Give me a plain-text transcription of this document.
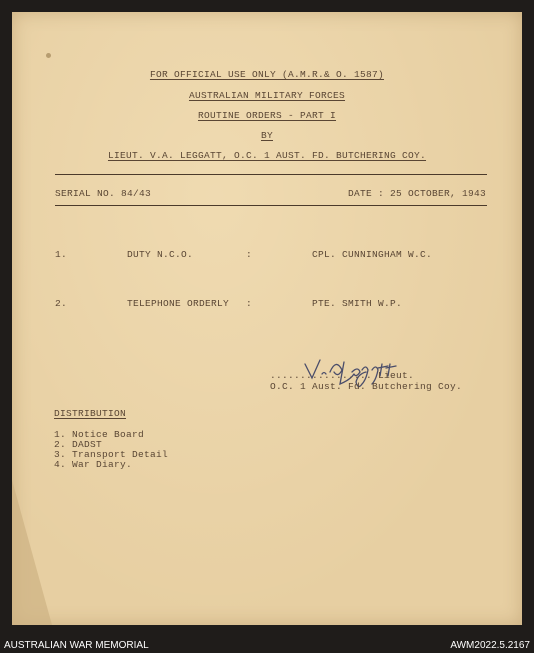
FOR OFFICIAL USE ONLY (A.M.R.& O. 1587)
AUSTRALIAN MILITARY FORCES
ROUTINE ORDERS - PART I
BY
LIEUT. V.A. LEGGATT, O.C. 1 AUST. FD. BUTCHERING COY.
SERIAL NO. 84/43	DATE : 25 OCTOBER, 1943
1.	DUTY N.C.O.	:	CPL. CUNNINGHAM W.C.
2.	TELEPHONE ORDERLY :	PTE. SMITH W.P.
................. Lieut.
O.C. 1 Aust. Fd. Butchering Coy.
DISTRIBUTION
1. Notice Board
2. DADST
3. Transport Detail
4. War Diary.
AUSTRALIAN WAR MEMORIAL	AWM2022.5.2167
